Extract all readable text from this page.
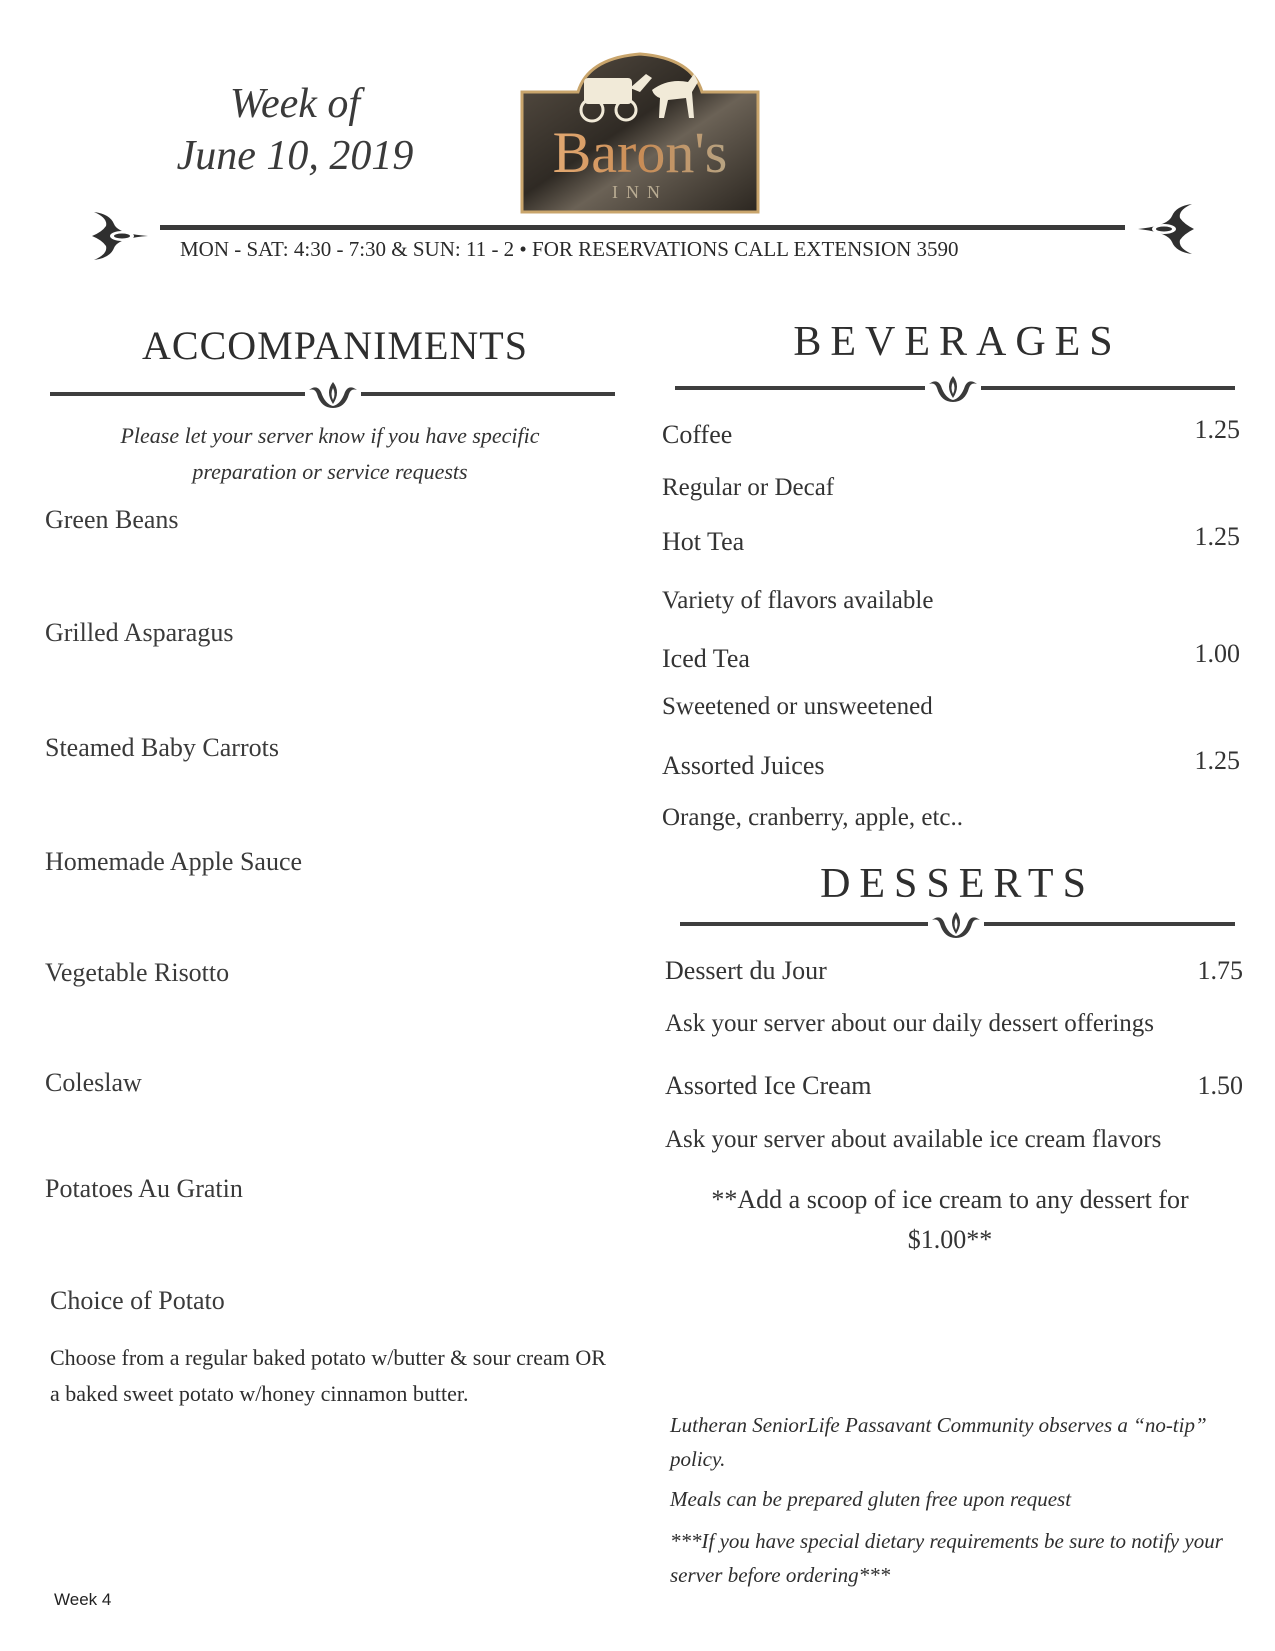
Week of
June 10, 2019	Baron's
INN
MON - SAT: 4:30 - 7:30 & SUN: 11 - 2 • FOR RESERVATIONS CALL EXTENSION 3590
ACCOMPANIMENTS
Please let your server know if you have specific
preparation or service requests
Green Beans
Grilled Asparagus
Steamed Baby Carrots
Homemade Apple Sauce
Vegetable Risotto
Coleslaw
Potatoes Au Gratin
Choice of Potato
Choose from a regular baked potato w/butter & sour cream OR a baked sweet potato w/honey cinnamon butter.
BEVERAGES
Coffee	1.25
Regular or Decaf
Hot Tea	1.25
Variety of flavors available
Iced Tea	1.00
Sweetened or unsweetened
Assorted Juices	1.25
Orange, cranberry, apple, etc..
DESSERTS
Dessert du Jour	1.75
Ask your server about our daily dessert offerings
Assorted Ice Cream	1.50
Ask your server about available ice cream flavors
**Add a scoop of ice cream to any dessert for
$1.00**
Lutheran SeniorLife Passavant Community observes a “no-tip” policy.
Meals can be prepared gluten free upon request
***If you have special dietary requirements be sure to notify your server before ordering***
Week 4
